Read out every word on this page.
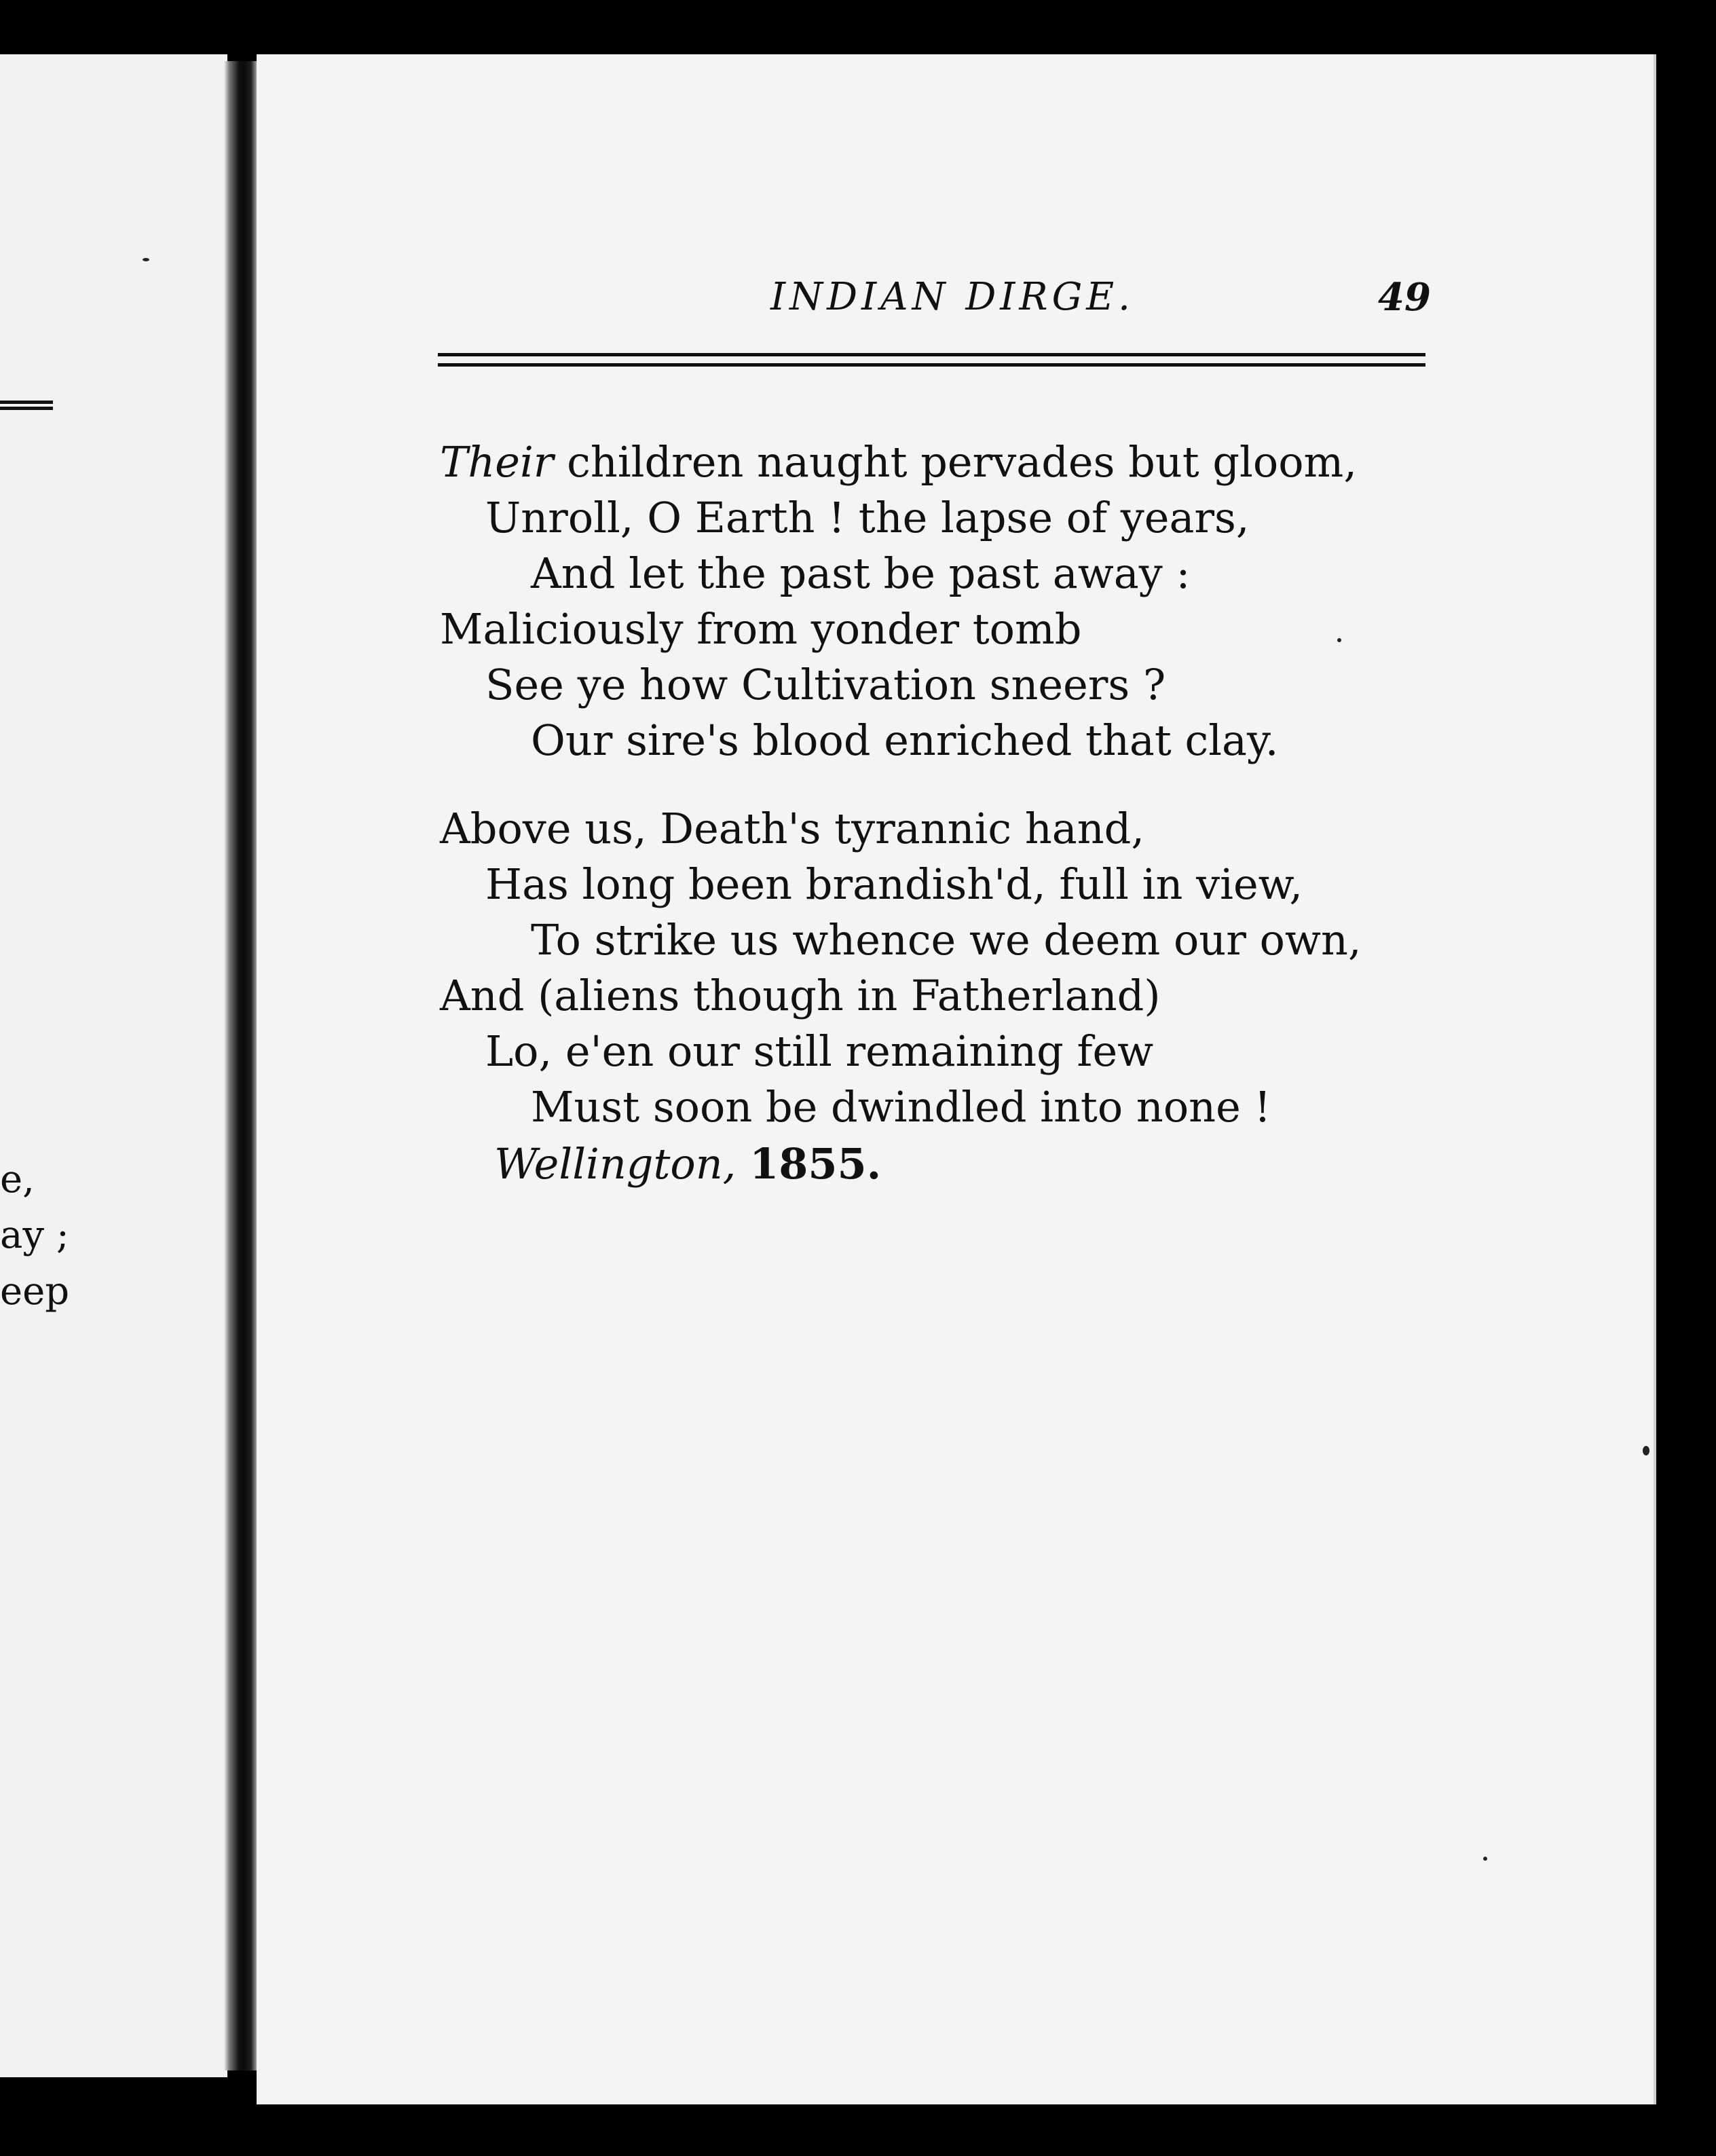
e,
ay ;
eep
INDIAN DIRGE.	49
Their children naught pervades but gloom,
Unroll, O Earth ! the lapse of years,
And let the past be past away :
Maliciously from yonder tomb
See ye how Cultivation sneers ?
Our sire's blood enriched that clay.
Above us, Death's tyrannic hand,
Has long been brandish'd, full in view,
To strike us whence we deem our own,
And (aliens though in Fatherland)
Lo, e'en our still remaining few
Must soon be dwindled into none !
Wellington, 1855.
